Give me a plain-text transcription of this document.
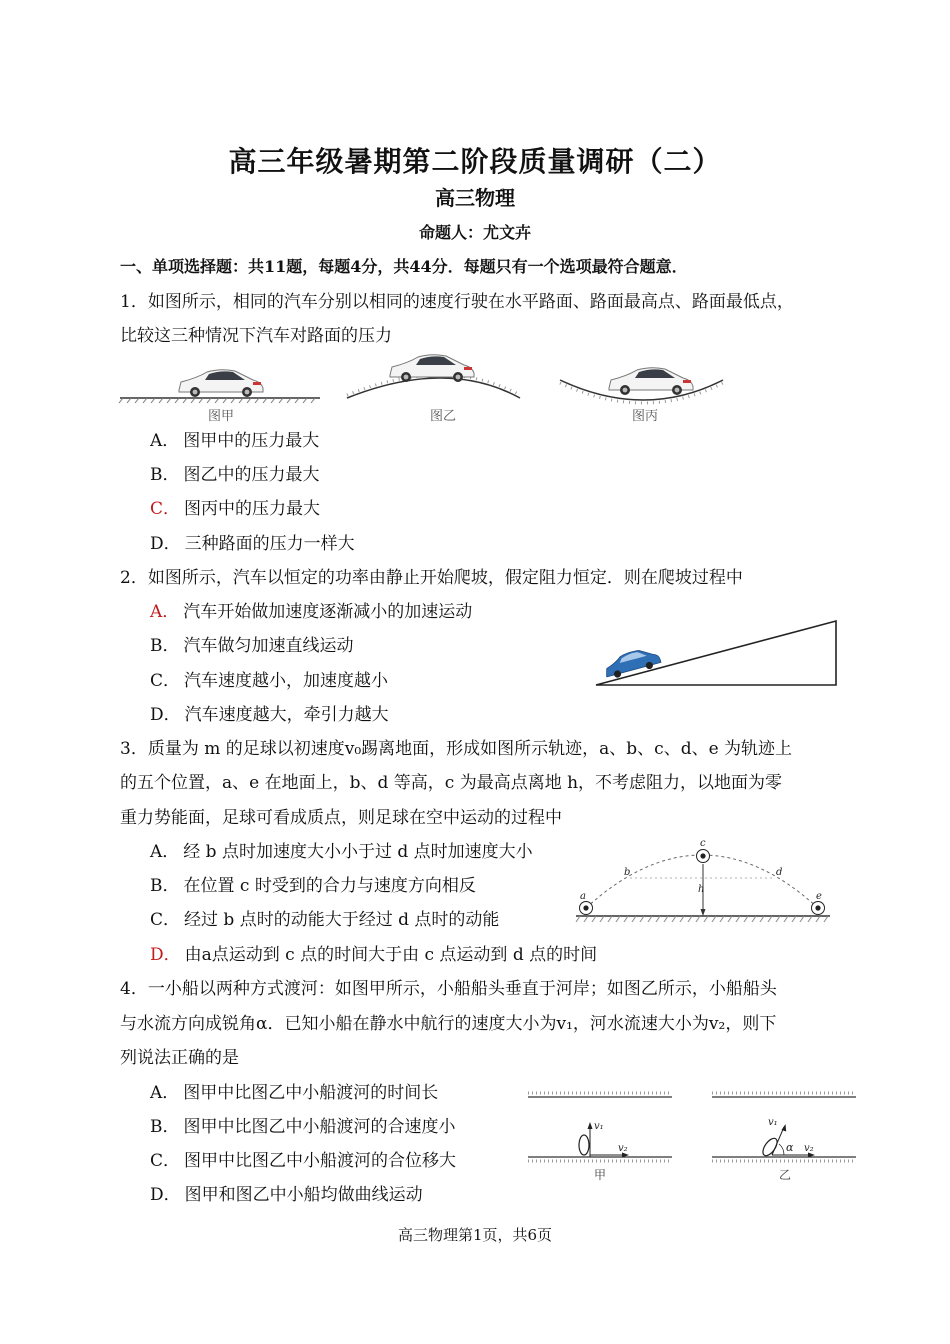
高三年级暑期第二阶段质量调研（二）
高三物理
命题人：尤文卉
一、单项选择题：共11题，每题4分，共44分．每题只有一个选项最符合题意．
1．如图所示，相同的汽车分别以相同的速度行驶在水平路面、路面最高点、路面最低点，
比较这三种情况下汽车对路面的压力
图甲	图乙	图丙
A． 图甲中的压力最大
B． 图乙中的压力最大
C． 图丙中的压力最大
D． 三种路面的压力一样大
2．如图所示，汽车以恒定的功率由静止开始爬坡，假定阻力恒定．则在爬坡过程中
A． 汽车开始做加速度逐渐减小的加速运动
B． 汽车做匀加速直线运动
C． 汽车速度越小，加速度越小
D． 汽车速度越大，牵引力越大
3．质量为 m 的足球以初速度v₀踢离地面，形成如图所示轨迹，a、b、c、d、e 为轨迹上
的五个位置，a、e 在地面上，b、d 等高，c 为最高点离地 h，不考虑阻力，以地面为零
重力势能面，足球可看成质点，则足球在空中运动的过程中
A． 经 b 点时加速度大小小于过 d 点时加速度大小
B． 在位置 c 时受到的合力与速度方向相反
C． 经过 b 点时的动能大于经过 d 点时的动能
D． 由a点运动到 c 点的时间大于由 c 点运动到 d 点的时间
a
b
c
d
e
h
4．一小船以两种方式渡河：如图甲所示，小船船头垂直于河岸；如图乙所示，小船船头
与水流方向成锐角α．已知小船在静水中航行的速度大小为v₁，河水流速大小为v₂，则下
列说法正确的是
A． 图甲中比图乙中小船渡河的时间长
B． 图甲中比图乙中小船渡河的合速度小
C． 图甲中比图乙中小船渡河的合位移大
D． 图甲和图乙中小船均做曲线运动
v₁
v₂
甲
v₁
α v₂
乙
高三物理第1页，共6页
